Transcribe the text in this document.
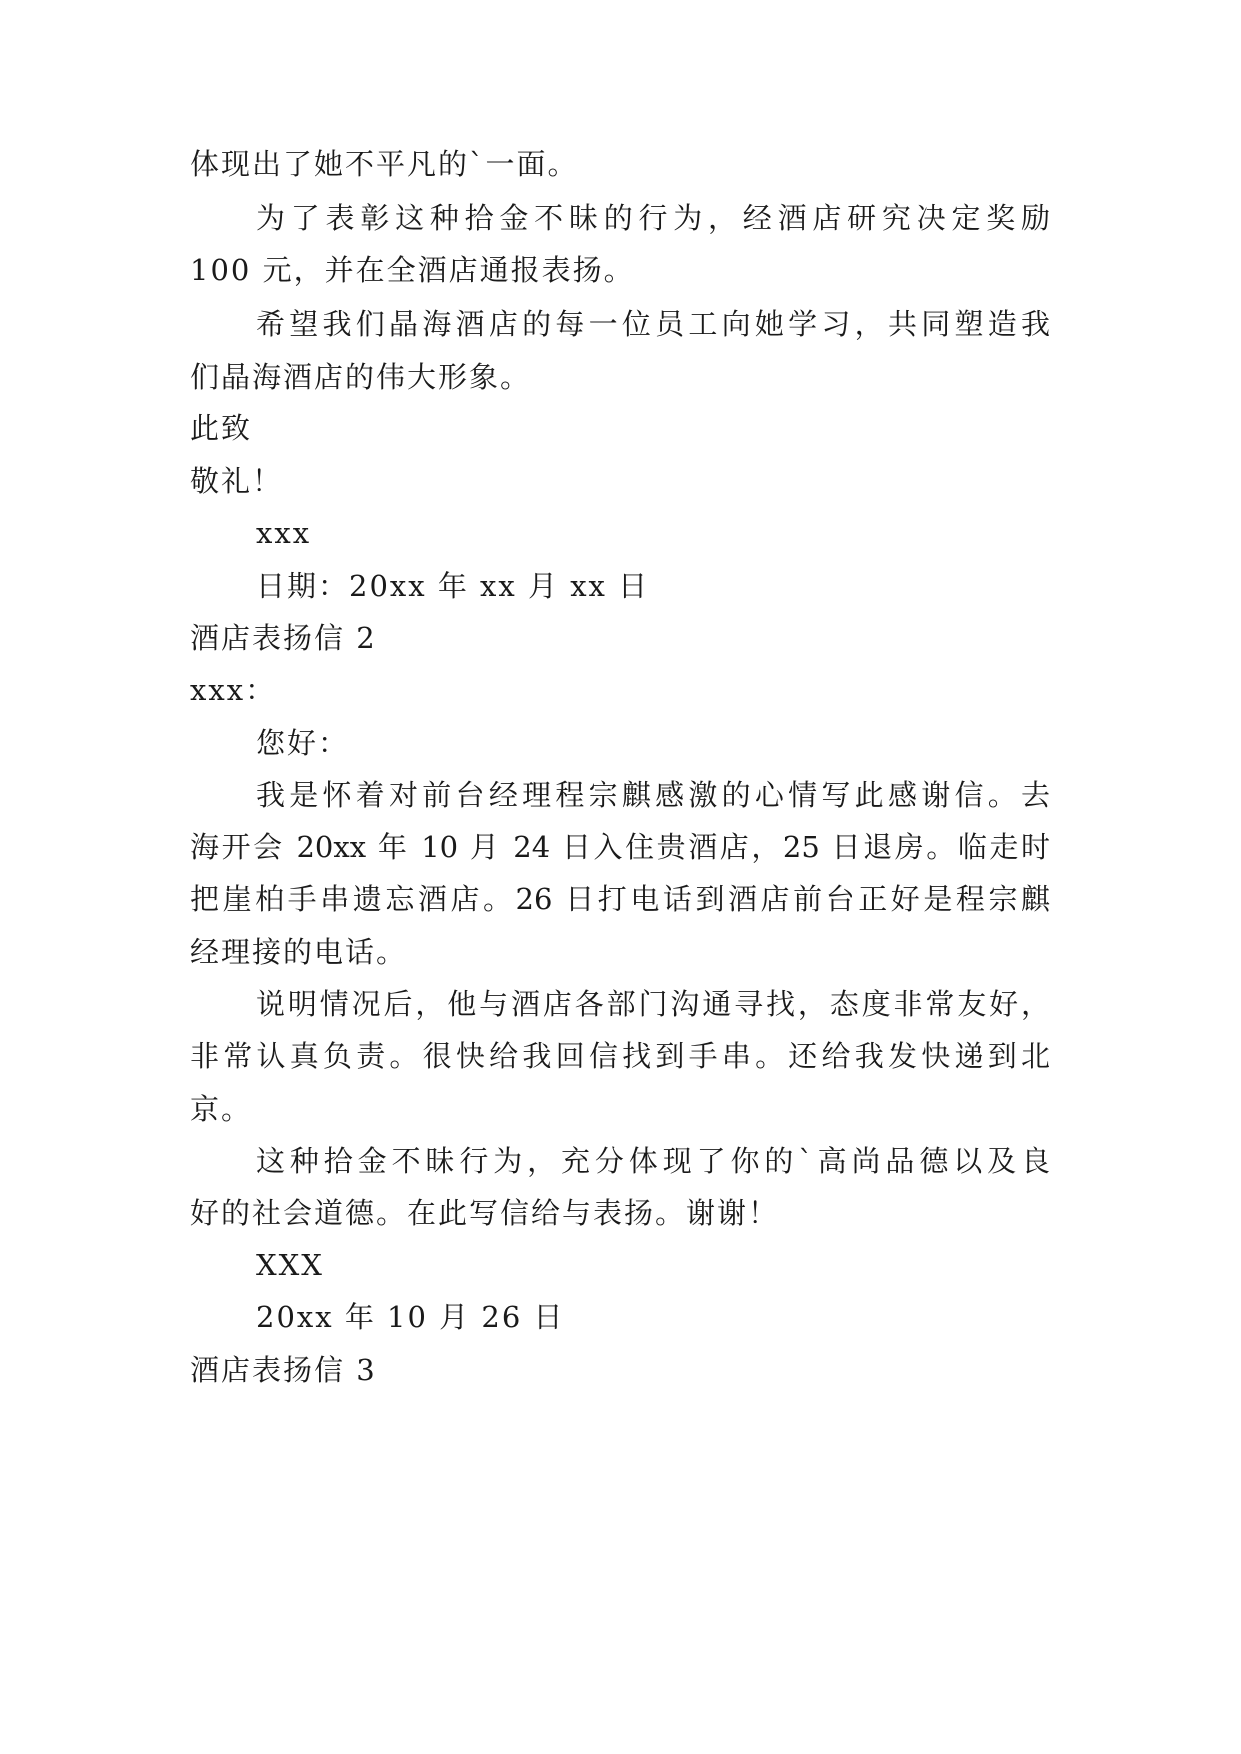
体现出了她不平凡的`一面。
为了表彰这种拾金不昧的行为，经酒店研究决定奖励
100 元，并在全酒店通报表扬。
希望我们晶海酒店的每一位员工向她学习，共同塑造我
们晶海酒店的伟大形象。
此致
敬礼！
xxx
日期：20xx 年 xx 月 xx 日
酒店表扬信 2
xxx：
您好：
我是怀着对前台经理程宗麒感激的心情写此感谢信。去
海开会 20xx 年 10 月 24 日入住贵酒店，25 日退房。临走时
把崖柏手串遗忘酒店。26 日打电话到酒店前台正好是程宗麒
经理接的电话。
说明情况后，他与酒店各部门沟通寻找，态度非常友好，
非常认真负责。很快给我回信找到手串。还给我发快递到北
京。
这种拾金不昧行为，充分体现了你的`高尚品德以及良
好的社会道德。在此写信给与表扬。谢谢！
XXX
20xx 年 10 月 26 日
酒店表扬信 3
